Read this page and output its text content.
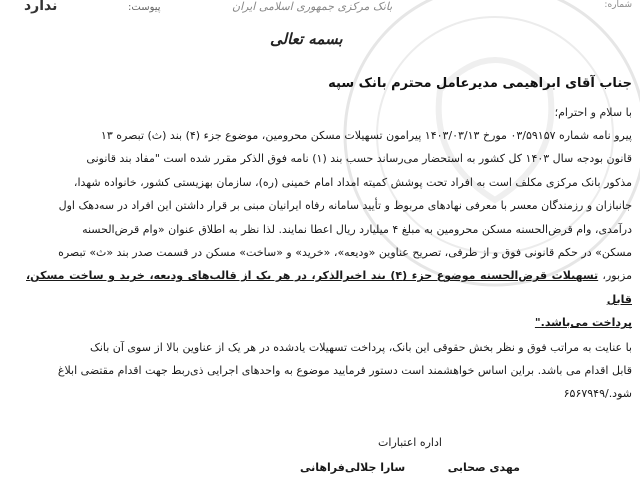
شماره:
ندارد	پیوست:	بانک مرکزی جمهوری اسلامی ایران
بسمه تعالی
جناب آقای ابراهیمی مدیرعامل محترم بانک سپه
با سلام و احترام؛

پیرو نامه شماره ۰۳/۵۹۱۵۷ مورخ ۱۴۰۳/۰۳/۱۳ پیرامون تسهیلات مسکن محرومین، موضوع جزء (۴) بند (ث) تبصره ۱۳

قانون بودجه سال ۱۴۰۳ کل کشور به استحضار می‌رساند حسب بند (۱) نامه فوق الذکر مقرر شده است "مفاد بند قانونی

مذکور بانک مرکزی مکلف است به افراد تحت پوشش کمیته امداد امام خمینی (ره)، سازمان بهزیستی کشور، خانواده شهدا،

جانبازان و رزمندگان معسر با معرفی نهادهای مربوط و تأیید سامانه رفاه ایرانیان مبنی بر قرار داشتن این افراد در سه‌دهک اول

درآمدی، وام قرض‌الحسنه مسکن محرومین به مبلغ ۴ میلیارد ریال اعطا نمایند. لذا نظر به اطلاق عنوان «وام قرض‌الحسنه

مسکن» در حکم قانونی فوق و از طرفی، تصریح عناوین «ودیعه»، «خرید» و «ساخت» مسکن در قسمت صدر بند «ث» تبصره

مزبور، تسهیلات قرض‌الحسنه موضوع جزء (۴) بند اخیرالذکر، در هر یک از قالب‌های ودیعه، خرید و ساخت مسکن، قابل

پرداخت می‌باشد."

با عنایت به مراتب فوق و نظر بخش حقوقی این بانک، پرداخت تسهیلات یادشده در هر یک از عناوین بالا از سوی آن بانک

قابل اقدام می باشد. براین اساس خواهشمند است دستور فرمایید موضوع به واحدهای اجرایی ذی‌ربط جهت اقدام مقتضی ابلاغ

شود./۶۵۶۷۹۴۹

اداره اعتبارات
مهدی صحابی
سارا جلالی‌فراهانی
